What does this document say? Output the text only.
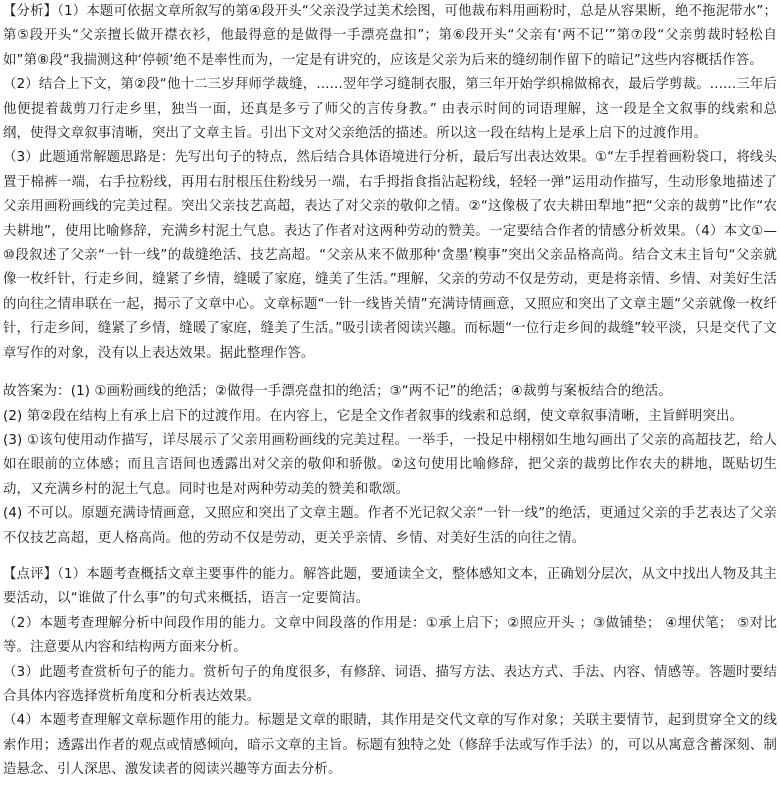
【分析】（1）本题可依据文章所叙写的第④段开头“父亲没学过美术绘图，可他裁布料用画粉时，总是从容果断，绝不拖泥带水”；第⑤段开头“父亲擅长做开襟衣衫，他最得意的是做得一手漂亮盘扣”；第⑥段开头“父亲有‘两不记’”第⑦段“父亲剪裁时轻松自如”第⑧段“我揣测这种‘停顿’绝不是率性而为，一定是有讲究的，应该是父亲为后来的缝纫制作留下的暗记”这些内容概括作答。

（2）结合上下文，第②段“他十二三岁拜师学裁缝，......翌年学习缝制衣服，第三年开始学织棉做棉衣，最后学剪裁。......三年后他便提着裁剪刀行走乡里，独当一面，还真是多亏了师父的言传身教。” 由表示时间的词语理解，这一段是全文叙事的线索和总纲，使得文章叙事清晰，突出了文章主旨。引出下文对父亲绝活的描述。所以这一段在结构上是承上启下的过渡作用。

（3）此题通常解题思路是：先写出句子的特点，然后结合具体语境进行分析，最后写出表达效果。①“左手捏着画粉袋口，将线头置于棉裤一端，右手拉粉线，再用右肘根压住粉线另一端，右手拇指食指沾起粉线，轻轻一弹”运用动作描写，生动形象地描述了父亲用画粉画线的完美过程。突出父亲技艺高超，表达了对父亲的敬仰之情。②“这像极了农夫耕田犁地”把“父亲的裁剪”比作“农夫耕地”，使用比喻修辞，充满乡村泥土气息。表达了作者对这两种劳动的赞美。一定要结合作者的情感分析效果。（4）本文①—⑩段叙述了父亲“一针一线”的裁缝绝活、技艺高超。“父亲从来不做那种‘贪墨’糗事”突出父亲品格高尚。结合文末主旨句“父亲就像一枚纤针，行走乡间，缝紧了乡情，缝暖了家庭，缝美了生活。”理解，父亲的劳动不仅是劳动，更是将亲情、乡情、对美好生活的向往之情串联在一起，揭示了文章中心。文章标题“一针一线皆关情”充满诗情画意，又照应和突出了文章主题“父亲就像一枚纤针，行走乡间，缝紧了乡情，缝暖了家庭，缝美了生活。”吸引读者阅读兴趣。而标题“一位行走乡间的裁缝”较平淡，只是交代了文章写作的对象，没有以上表达效果。据此整理作答。

故答案为：(1) ①画粉画线的绝活；②做得一手漂亮盘扣的绝活；③“两不记”的绝活；④裁剪与案板结合的绝活。

(2) 第②段在结构上有承上启下的过渡作用。在内容上，它是全文作者叙事的线索和总纲，使文章叙事清晰，主旨鲜明突出。

(3) ①该句使用动作描写，详尽展示了父亲用画粉画线的完美过程。一举手，一投足中栩栩如生地勾画出了父亲的高超技艺，给人如在眼前的立体感；而且言语间也透露出对父亲的敬仰和骄傲。②这句使用比喻修辞，把父亲的裁剪比作农夫的耕地，既贴切生动，又充满乡村的泥土气息。同时也是对两种劳动美的赞美和歌颂。

(4) 不可以。原题充满诗情画意，又照应和突出了文章主题。作者不光记叙父亲“一针一线”的绝活，更通过父亲的手艺表达了父亲不仅技艺高超，更人格高尚。他的劳动不仅是劳动，更关乎亲情、乡情、对美好生活的向往之情。

【点评】（1）本题考查概括文章主要事件的能力。解答此题，要通读全文，整体感知文本，正确划分层次，从文中找出人物及其主要活动，以“谁做了什么事”的句式来概括，语言一定要简洁。

（2）本题考查理解分析中间段作用的能力。文章中间段落的作用是：①承上启下；②照应开头 ；③做铺垫； ④埋伏笔； ⑤对比等。注意要从内容和结构两方面来分析。

（3）此题考查赏析句子的能力。赏析句子的角度很多，有修辞、词语、描写方法、表达方式、手法、内容、情感等。答题时要结合具体内容选择赏析角度和分析表达效果。

（4）本题考查理解文章标题作用的能力。标题是文章的眼睛，其作用是交代文章的写作对象；关联主要情节，起到贯穿全文的线索作用；透露出作者的观点或情感倾向，暗示文章的主旨。标题有独特之处（修辞手法或写作手法）的，可以从寓意含蓄深刻、制造悬念、引人深思、激发读者的阅读兴趣等方面去分析。
